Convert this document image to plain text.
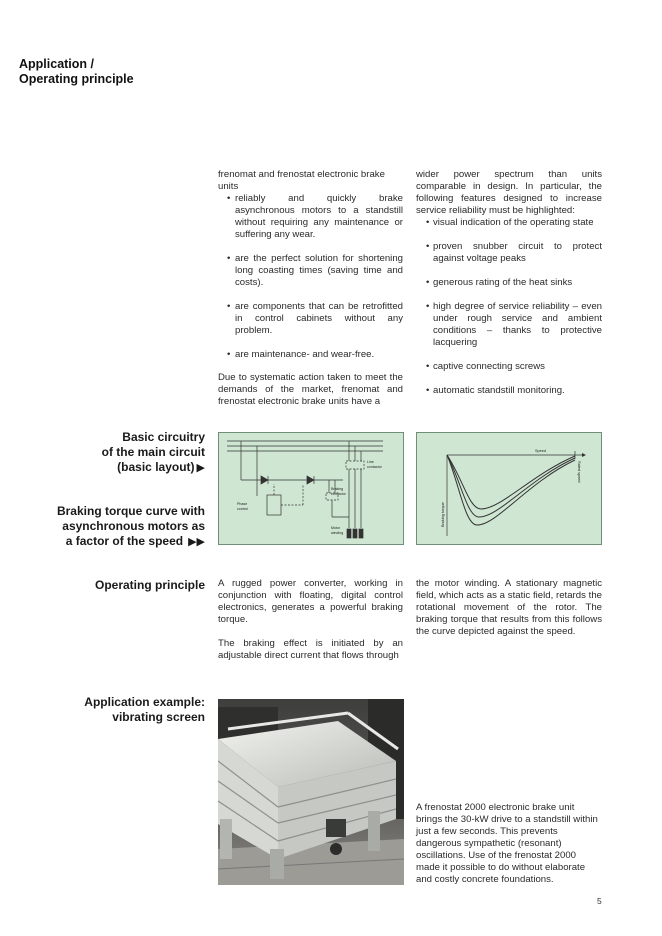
Application /
Operating principle

frenomat and frenostat electronic brake units

• reliably and quickly brake asynchronous motors to a standstill without requiring any maintenance or suffering any wear.
• are the perfect solution for shortening long coasting times (saving time and costs).
• are components that can be retrofitted in control cabinets without any problem.
• are maintenance- and wear-free.

Due to systematic action taken to meet the demands of the market, frenomat and frenostat electronic brake units have a

wider power spectrum than units comparable in design. In particular, the following features designed to increase service reliability must be highlighted:

• visual indication of the operating state
• proven snubber circuit to protect against voltage peaks
• generous rating of the heat sinks
• high degree of service reliability – even under rough service and ambient conditions – thanks to protective lacquering
• captive connecting screws
• automatic standstill monitoring.
Basic circuitry
of the main circuit
(basic layout) ▶
Braking torque curve with
asynchronous motors as
a factor of the speed ▶▶
Operating principle
Application example:
vibrating screen
Line
contactor
Braking
contactor
Phase
control
Motor
winding
Speed
Rated speed
Braking torque

A rugged power converter, working in conjunction with floating, digital control electronics, generates a powerful braking torque.

The braking effect is initiated by an adjustable direct current that flows through

the motor winding. A stationary magnetic field, which acts as a static field, retards the rotational movement of the rotor. The braking torque that results from this follows the curve depicted against the speed.

A frenostat 2000 electronic brake unit brings the 30-kW drive to a standstill within just a few seconds. This prevents dangerous sympathetic (resonant) oscillations. Use of the frenostat 2000 made it possible to do without elaborate and costly concrete foundations.

5
